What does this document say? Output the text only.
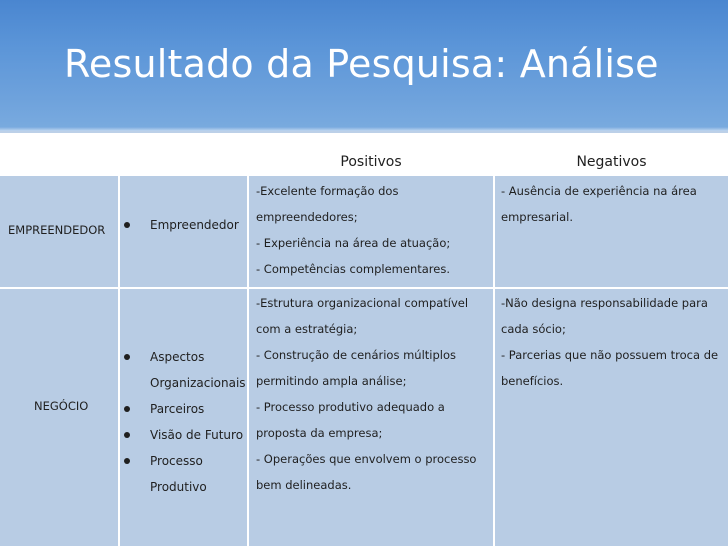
Resultado da Pesquisa: Análise
Positivos	Negativos
EMPREENDEDOR	Empreendedor

-Excelente formação dos

empreendedores;

- Experiência na área de atuação;

- Competências complementares.

- Ausência de experiência na área

empresarial.

NEGÓCIO
Aspectos
Organizacionais
Parceiros
Visão de Futuro
Processo
Produtivo

-Estrutura organizacional compatível

com a estratégia;

- Construção de cenários múltiplos

permitindo ampla análise;

- Processo produtivo adequado a

proposta da empresa;

- Operações que envolvem o processo

bem delineadas.

-Não designa responsabilidade para

cada sócio;

- Parcerias que não possuem troca de

benefícios.
